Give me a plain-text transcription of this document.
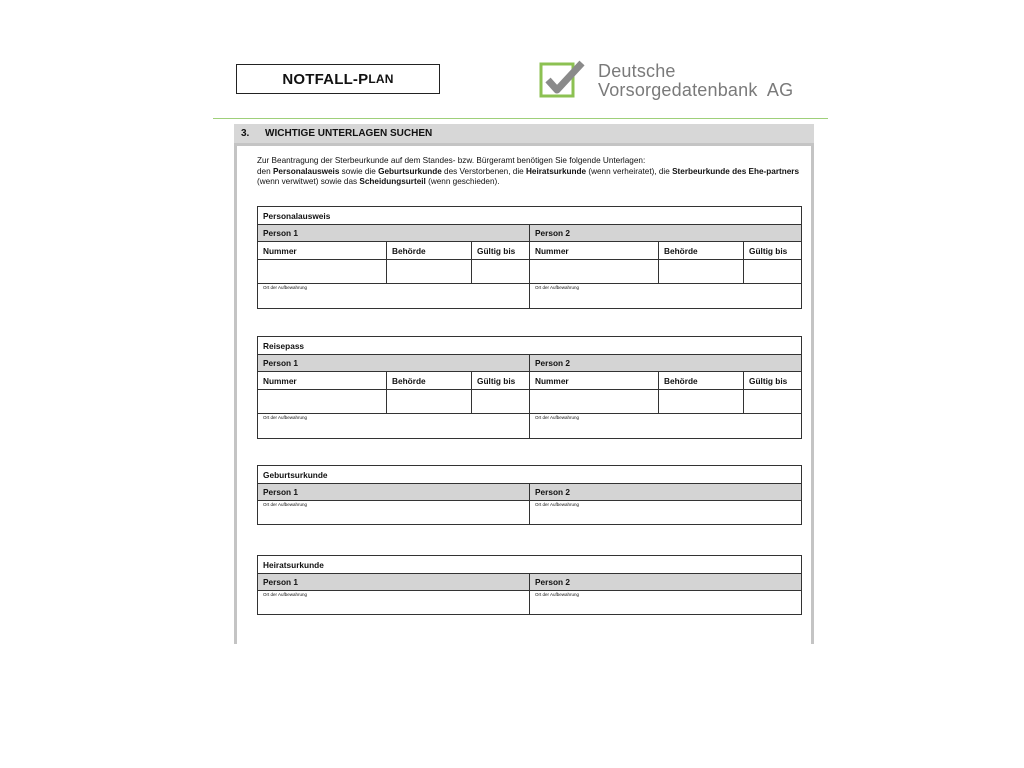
NOTFALL-P LAN	Deutsche
Vorsorgedatenbank  AG
3.	WICHTIGE UNTERLAGEN SUCHEN
Zur Beantragung der Sterbeurkunde auf dem Standes- bzw. Bürgeramt benötigen Sie folgende Unterlagen:
den Personalausweis sowie die Geburtsurkunde des Verstorbenen, die Heiratsurkunde (wenn verheiratet), die Sterbeurkunde des Ehe-partners (wenn verwitwet) sowie das Scheidungsurteil (wenn geschieden).
Personalausweis					
Person 1			Person 2		
Nummer	Behörde	Gültig bis	Nummer	Behörde	Gültig bis

Ort der Aufbewahrung			Ort der Aufbewahrung		
Reisepass					
Person 1			Person 2		
Nummer	Behörde	Gültig bis	Nummer	Behörde	Gültig bis

Ort der Aufbewahrung			Ort der Aufbewahrung		
Geburtsurkunde	
Person 1	Person 2
Ort der Aufbewahrung	Ort der Aufbewahrung
Heiratsurkunde	
Person 1	Person 2
Ort der Aufbewahrung	Ort der Aufbewahrung
